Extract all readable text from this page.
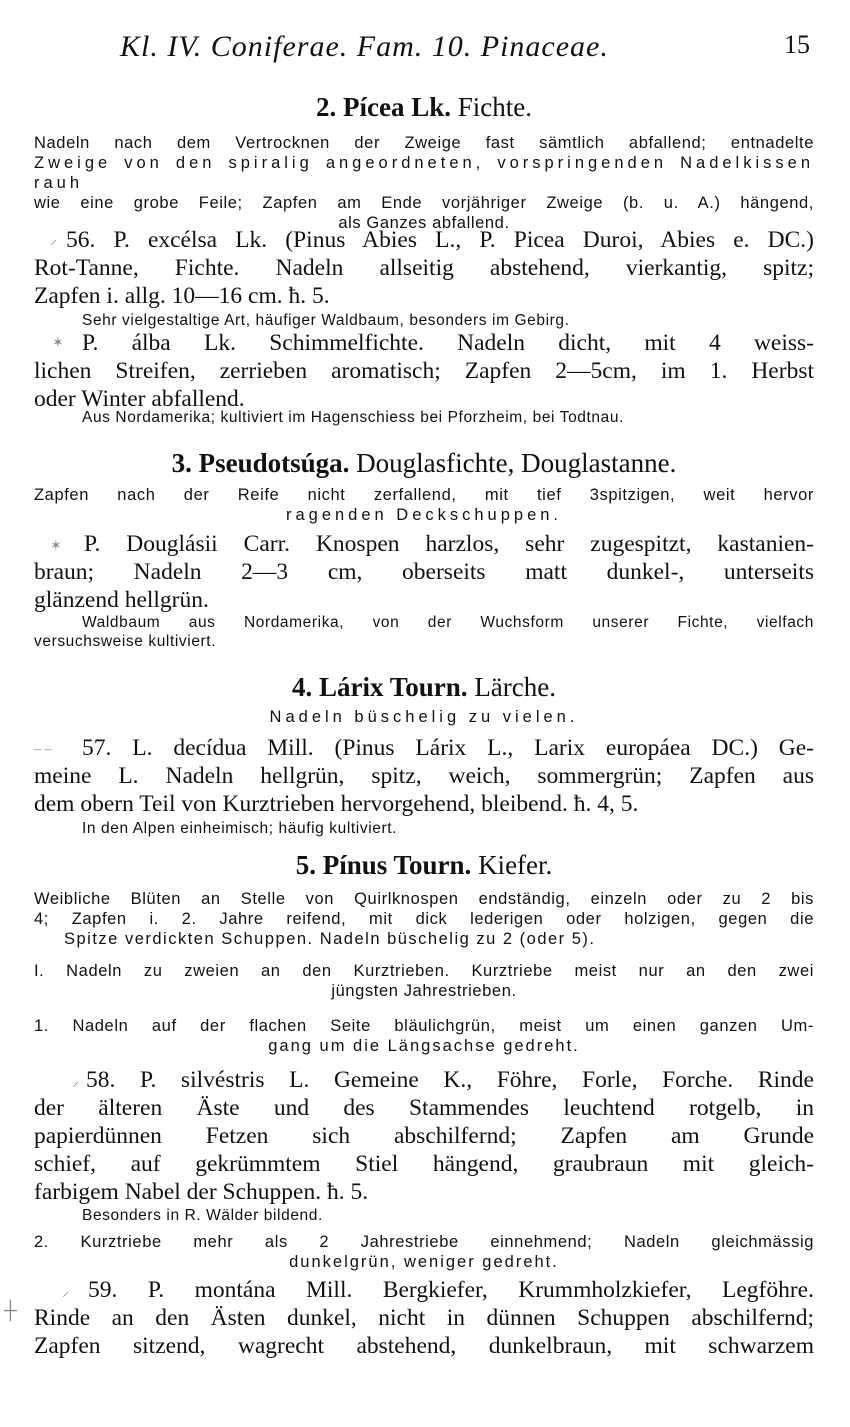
Kl. IV. Coniferae. Fam. 10. Pinaceae.	15
2. Pícea Lk. Fichte.
Nadeln nach dem Vertrocknen der Zweige fast sämtlich abfallend; entnadelte
Zweige von den spiralig angeordneten, vorspringenden Nadelkissen rauh
wie eine grobe Feile; Zapfen am Ende vorjähriger Zweige (b. u. A.) hängend,
als Ganzes abfallend.
⸝ 56. P. excélsa Lk. (Pinus Abies L., P. Picea Duroi, Abies e. DC.)
Rot-Tanne, Fichte. Nadeln allseitig abstehend, vierkantig, spitz;
Zapfen i. allg. 10—16 cm. ħ. 5.
Sehr vielgestaltige Art, häufiger Waldbaum, besonders im Gebirg.
✶ P. álba Lk. Schimmelfichte. Nadeln dicht, mit 4 weiss-
lichen Streifen, zerrieben aromatisch; Zapfen 2—5cm, im 1. Herbst
oder Winter abfallend.
Aus Nordamerika; kultiviert im Hagenschiess bei Pforzheim, bei Todtnau.
3. Pseudotsúga. Douglasfichte, Douglastanne.
Zapfen nach der Reife nicht zerfallend, mit tief 3spitzigen, weit hervor
ragenden Deckschuppen.
✶ P. Douglásii Carr. Knospen harzlos, sehr zugespitzt, kastanien-
braun; Nadeln 2—3 cm, oberseits matt dunkel-, unterseits
glänzend hellgrün.
Waldbaum aus Nordamerika, von der Wuchsform unserer Fichte, vielfach
versuchsweise kultiviert.
4. Lárix Tourn. Lärche.
Nadeln büschelig zu vielen.
‒ ‒	57. L. decídua Mill. (Pinus Lárix L., Larix europáea DC.) Ge-
meine L. Nadeln hellgrün, spitz, weich, sommergrün; Zapfen aus
dem obern Teil von Kurztrieben hervorgehend, bleibend. ħ. 4, 5.
In den Alpen einheimisch; häufig kultiviert.
5. Pínus Tourn. Kiefer.
Weibliche Blüten an Stelle von Quirlknospen endständig, einzeln oder zu 2 bis
4; Zapfen i. 2. Jahre reifend, mit dick lederigen oder holzigen, gegen die
Spitze verdickten Schuppen. Nadeln büschelig zu 2 (oder 5).
I. Nadeln zu zweien an den Kurztrieben. Kurztriebe meist nur an den zwei
jüngsten Jahrestrieben.
1. Nadeln auf der flachen Seite bläulichgrün, meist um einen ganzen Um-
gang um die Längsachse gedreht.
⸝ 58. P. silvéstris L. Gemeine K., Föhre, Forle, Forche. Rinde
der älteren Äste und des Stammendes leuchtend rotgelb, in
papierdünnen Fetzen sich abschilfernd; Zapfen am Grunde
schief, auf gekrümmtem Stiel hängend, graubraun mit gleich-
farbigem Nabel der Schuppen. ħ. 5.
Besonders in R. Wälder bildend.
2. Kurztriebe mehr als 2 Jahrestriebe einnehmend; Nadeln gleichmässig
dunkelgrün, weniger gedreht.
⸝
┼
59. P. montána Mill. Bergkiefer, Krummholzkiefer, Legföhre.
Rinde an den Ästen dunkel, nicht in dünnen Schuppen abschilfernd;
Zapfen sitzend, wagrecht abstehend, dunkelbraun, mit schwarzem
